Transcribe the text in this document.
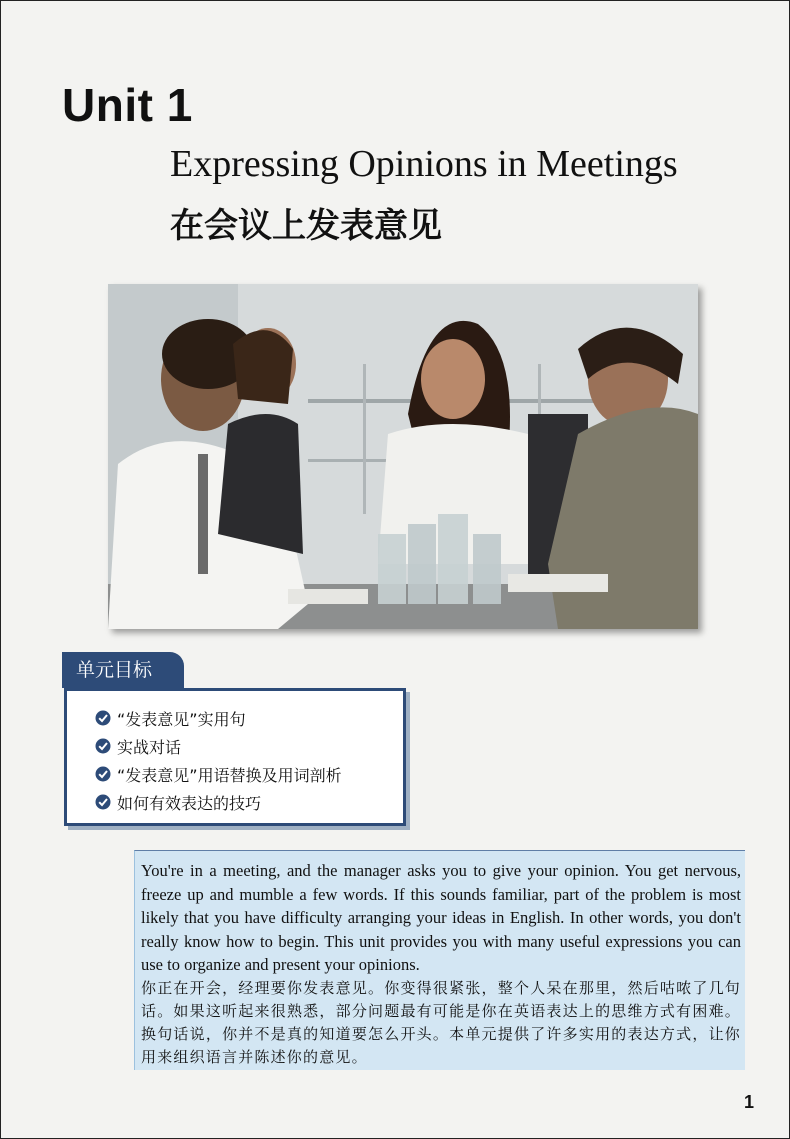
Unit 1
Expressing Opinions in Meetings
在会议上发表意见
单元目标
“发表意见”实用句
实战对话
“发表意见”用语替换及用词剖析
如何有效表达的技巧
You're in a meeting, and the manager asks you to give your opinion. You get nervous, freeze up and mumble a few words. If this sounds familiar, part of the problem is most likely that you have difficulty arranging your ideas in English. In other words, you don't really know how to begin. This unit provides you with many useful expressions you can use to organize and present your opinions.
你正在开会，经理要你发表意见。你变得很紧张，整个人呆在那里，然后咕哝了几句话。如果这听起来很熟悉，部分问题最有可能是你在英语表达上的思维方式有困难。换句话说，你并不是真的知道要怎么开头。本单元提供了许多实用的表达方式，让你用来组织语言并陈述你的意见。
1
